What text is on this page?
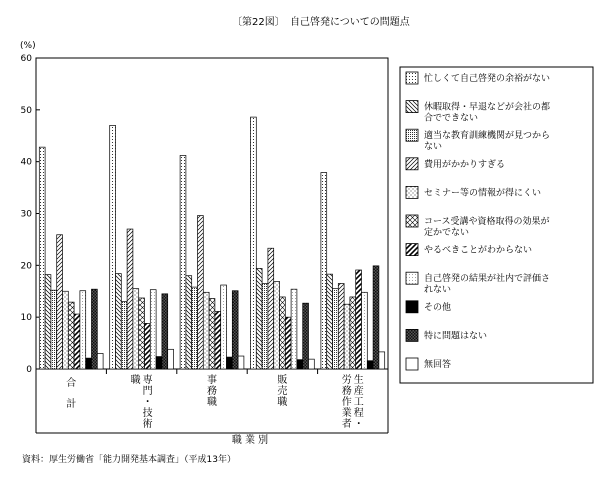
〔第22図〕 自己啓発についての問題点
(%)
0
10
20
30
40
50
60
合
計
専
門
・
技
術
職	事
務
職
販
売
職
生
産
工
程
・
労
務
作
業
者
職 業 別
忙しくて自己啓発の余裕がない
休暇取得・早退などが会社の都
合でできない
適当な教育訓練機関が見つから
ない
費用がかかりすぎる
セミナー等の情報が得にくい
コース受講や資格取得の効果が
定かでない
やるべきことがわからない
自己啓発の結果が社内で評価さ
れない
その他
特に問題はない
無回答
資料：厚生労働省「能力開発基本調査」（平成13年）
